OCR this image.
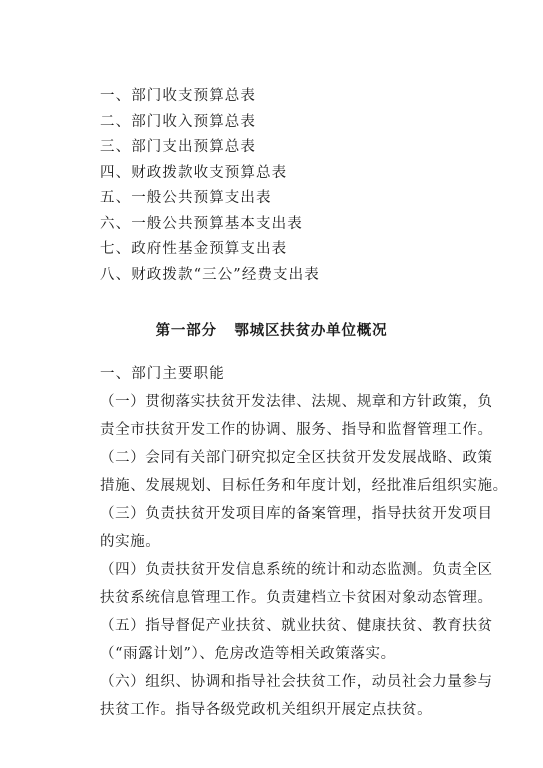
一、部门收支预算总表
二、部门收入预算总表
三、部门支出预算总表
四、财政拨款收支预算总表
五、一般公共预算支出表
六、一般公共预算基本支出表
七、政府性基金预算支出表
八、财政拨款“三公”经费支出表
第一部分   鄂城区扶贫办单位概况
一、部门主要职能
（一）贯彻落实扶贫开发法律、法规、规章和方针政策，负
责全市扶贫开发工作的协调、服务、指导和监督管理工作。
（二）会同有关部门研究拟定全区扶贫开发发展战略、政策
措施、发展规划、目标任务和年度计划，经批准后组织实施。
（三）负责扶贫开发项目库的备案管理，指导扶贫开发项目
的实施。
（四）负责扶贫开发信息系统的统计和动态监测。负责全区
扶贫系统信息管理工作。负责建档立卡贫困对象动态管理。
（五）指导督促产业扶贫、就业扶贫、健康扶贫、教育扶贫
（“雨露计划”）、危房改造等相关政策落实。
（六）组织、协调和指导社会扶贫工作，动员社会力量参与
扶贫工作。指导各级党政机关组织开展定点扶贫。
